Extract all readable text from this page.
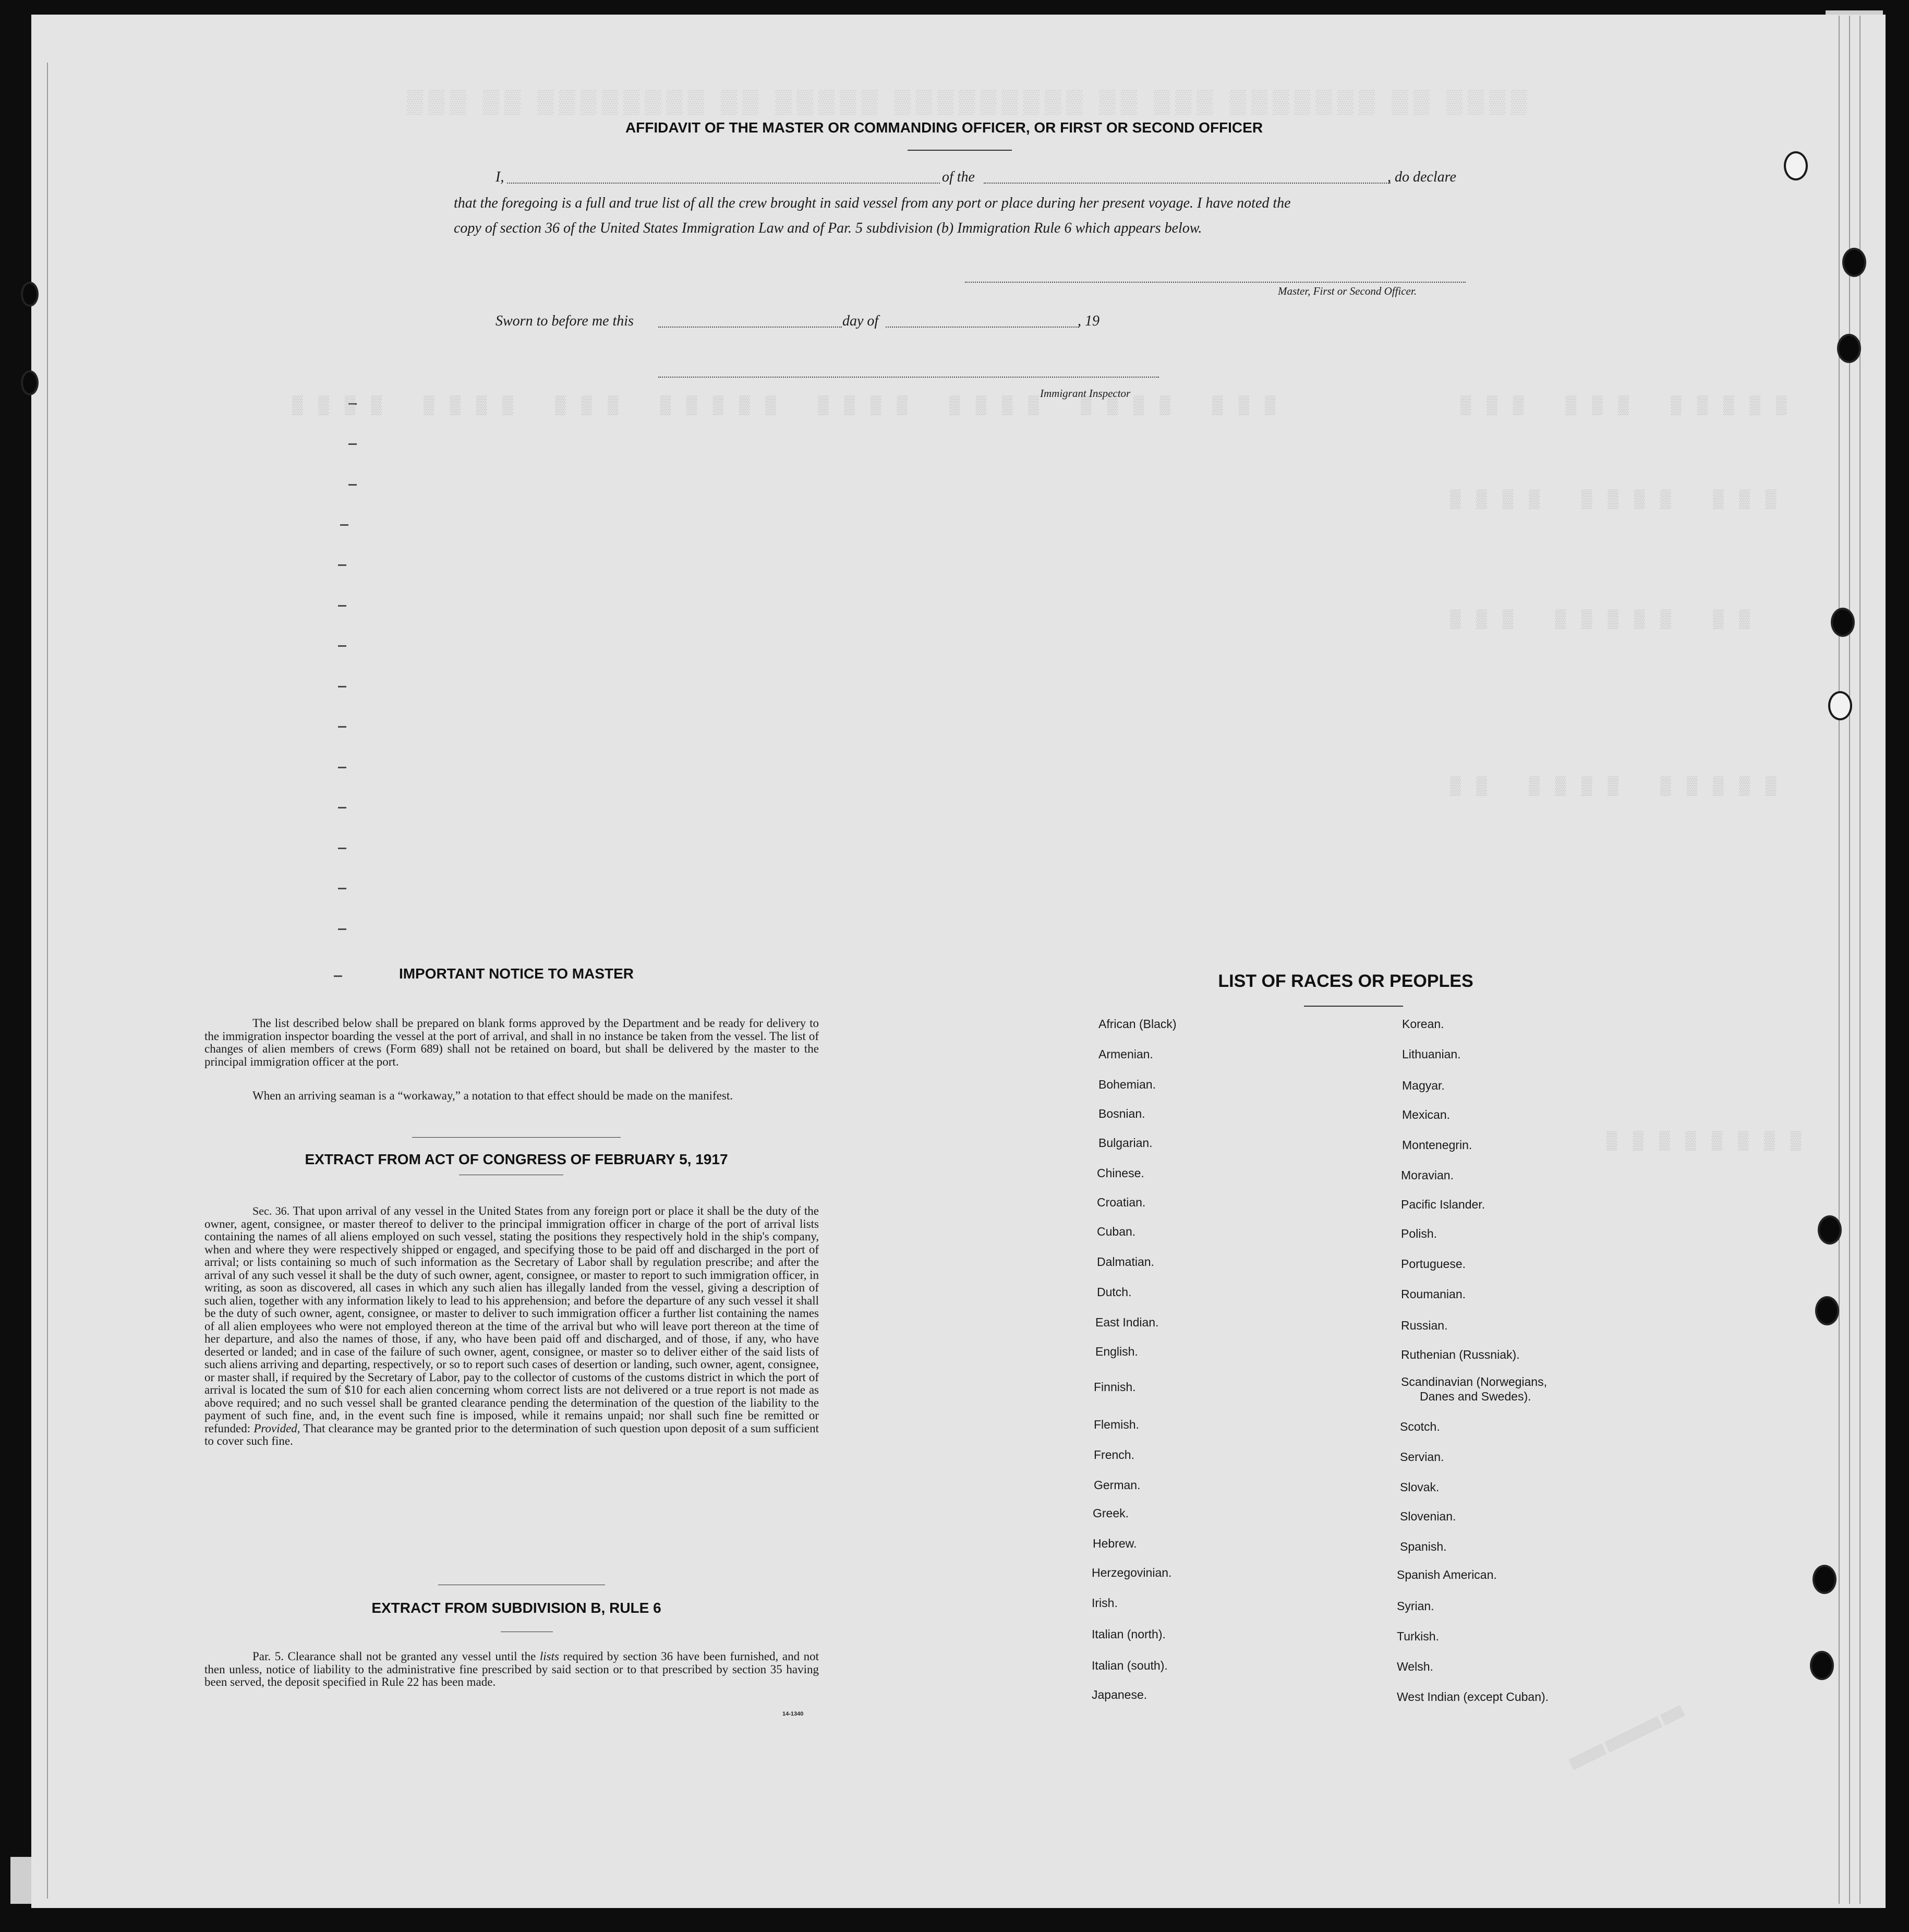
▒▒▒ ▒▒ ▒▒▒▒▒▒▒▒ ▒▒ ▒▒▒▒▒ ▒▒▒▒▒▒▒▒▒ ▒▒ ▒▒▒ ▒▒▒▒▒▒▒ ▒▒ ▒▒▒▒
▒▒▒▒ ▒▒▒▒ ▒▒▒ ▒▒▒▒▒ ▒▒▒▒ ▒▒▒▒ ▒▒▒▒ ▒▒▒	▒▒▒ ▒▒▒ ▒▒▒▒▒
▒▒▒▒ ▒▒▒▒ ▒▒▒
▒▒▒ ▒▒▒▒▒ ▒▒
▒▒ ▒▒▒▒ ▒▒▒▒▒
▒▒▒▒▒▒▒▒
AFFIDAVIT OF THE MASTER OR COMMANDING OFFICER, OR FIRST OR SECOND OFFICER
I,	of the	, do declare
that the foregoing is a full and true list of all the crew brought in said vessel from any port or place during her present voyage. I have noted the
copy of section 36 of the United States Immigration Law and of Par. 5 subdivision (b) Immigration Rule 6 which appears below.
Master, First or Second Officer.
Sworn to before me this	day of	, 19
Immigrant Inspector
IMPORTANT NOTICE TO MASTER
The list described below shall be prepared on blank forms approved by the Department and be ready for delivery to the immigration inspector boarding the vessel at the port of arrival, and shall in no instance be taken from the vessel. The list of changes of alien members of crews (Form 689) shall not be retained on board, but shall be delivered by the master to the principal immigration officer at the port.
When an arriving seaman is a “workaway,” a notation to that effect should be made on the manifest.
EXTRACT FROM ACT OF CONGRESS OF FEBRUARY 5, 1917
Sec. 36. That upon arrival of any vessel in the United States from any foreign port or place it shall be the duty of the owner, agent, consignee, or master thereof to deliver to the principal immigration officer in charge of the port of arrival lists containing the names of all aliens employed on such vessel, stating the positions they respectively hold in the ship's company, when and where they were respectively shipped or engaged, and specifying those to be paid off and discharged in the port of arrival; or lists containing so much of such information as the Secretary of Labor shall by regulation prescribe; and after the arrival of any such vessel it shall be the duty of such owner, agent, consignee, or master to report to such immigration officer, in writing, as soon as discovered, all cases in which any such alien has illegally landed from the vessel, giving a description of such alien, together with any information likely to lead to his apprehension; and before the departure of any such vessel it shall be the duty of such owner, agent, consignee, or master to deliver to such immigration officer a further list containing the names of all alien employees who were not employed thereon at the time of the arrival but who will leave port thereon at the time of her departure, and also the names of those, if any, who have been paid off and discharged, and of those, if any, who have deserted or landed; and in case of the failure of such owner, agent, consignee, or master so to deliver either of the said lists of such aliens arriving and departing, respectively, or so to report such cases of desertion or landing, such owner, agent, consignee, or master shall, if required by the Secretary of Labor, pay to the collector of customs of the customs district in which the port of arrival is located the sum of $10 for each alien concerning whom correct lists are not delivered or a true report is not made as above required; and no such vessel shall be granted clearance pending the determination of the question of the liability to the payment of such fine, and, in the event such fine is imposed, while it remains unpaid; nor shall such fine be remitted or refunded: Provided, That clearance may be granted prior to the determination of such question upon deposit of a sum sufficient to cover such fine.
EXTRACT FROM SUBDIVISION B, RULE 6
Par. 5. Clearance shall not be granted any vessel until the lists required by section 36 have been furnished, and not then unless, notice of liability to the administrative fine prescribed by said section or to that prescribed by section 35 having been served, the deposit specified in Rule 22 has been made.
14-1340
LIST OF RACES OR PEOPLES
African (Black)
Armenian.
Bohemian.
Bosnian.
Bulgarian.
Chinese.
Croatian.
Cuban.
Dalmatian.
Dutch.
East Indian.
English.
Finnish.
Flemish.
French.
German.
Greek.
Hebrew.
Herzegovinian.
Irish.
Italian (north).
Italian (south).
Japanese.
Korean.
Lithuanian.
Magyar.
Mexican.
Montenegrin.
Moravian.
Pacific Islander.
Polish.
Portuguese.
Roumanian.
Russian.
Ruthenian (Russniak).
Scandinavian (Norwegians,
Danes and Swedes).
Scotch.
Servian.
Slovak.
Slovenian.
Spanish.
Spanish American.
Syrian.
Turkish.
Welsh.
West Indian (except Cuban).
▒▒▒▒▒ ▒▒▒▒▒▒▒▒ ▒▒▒
